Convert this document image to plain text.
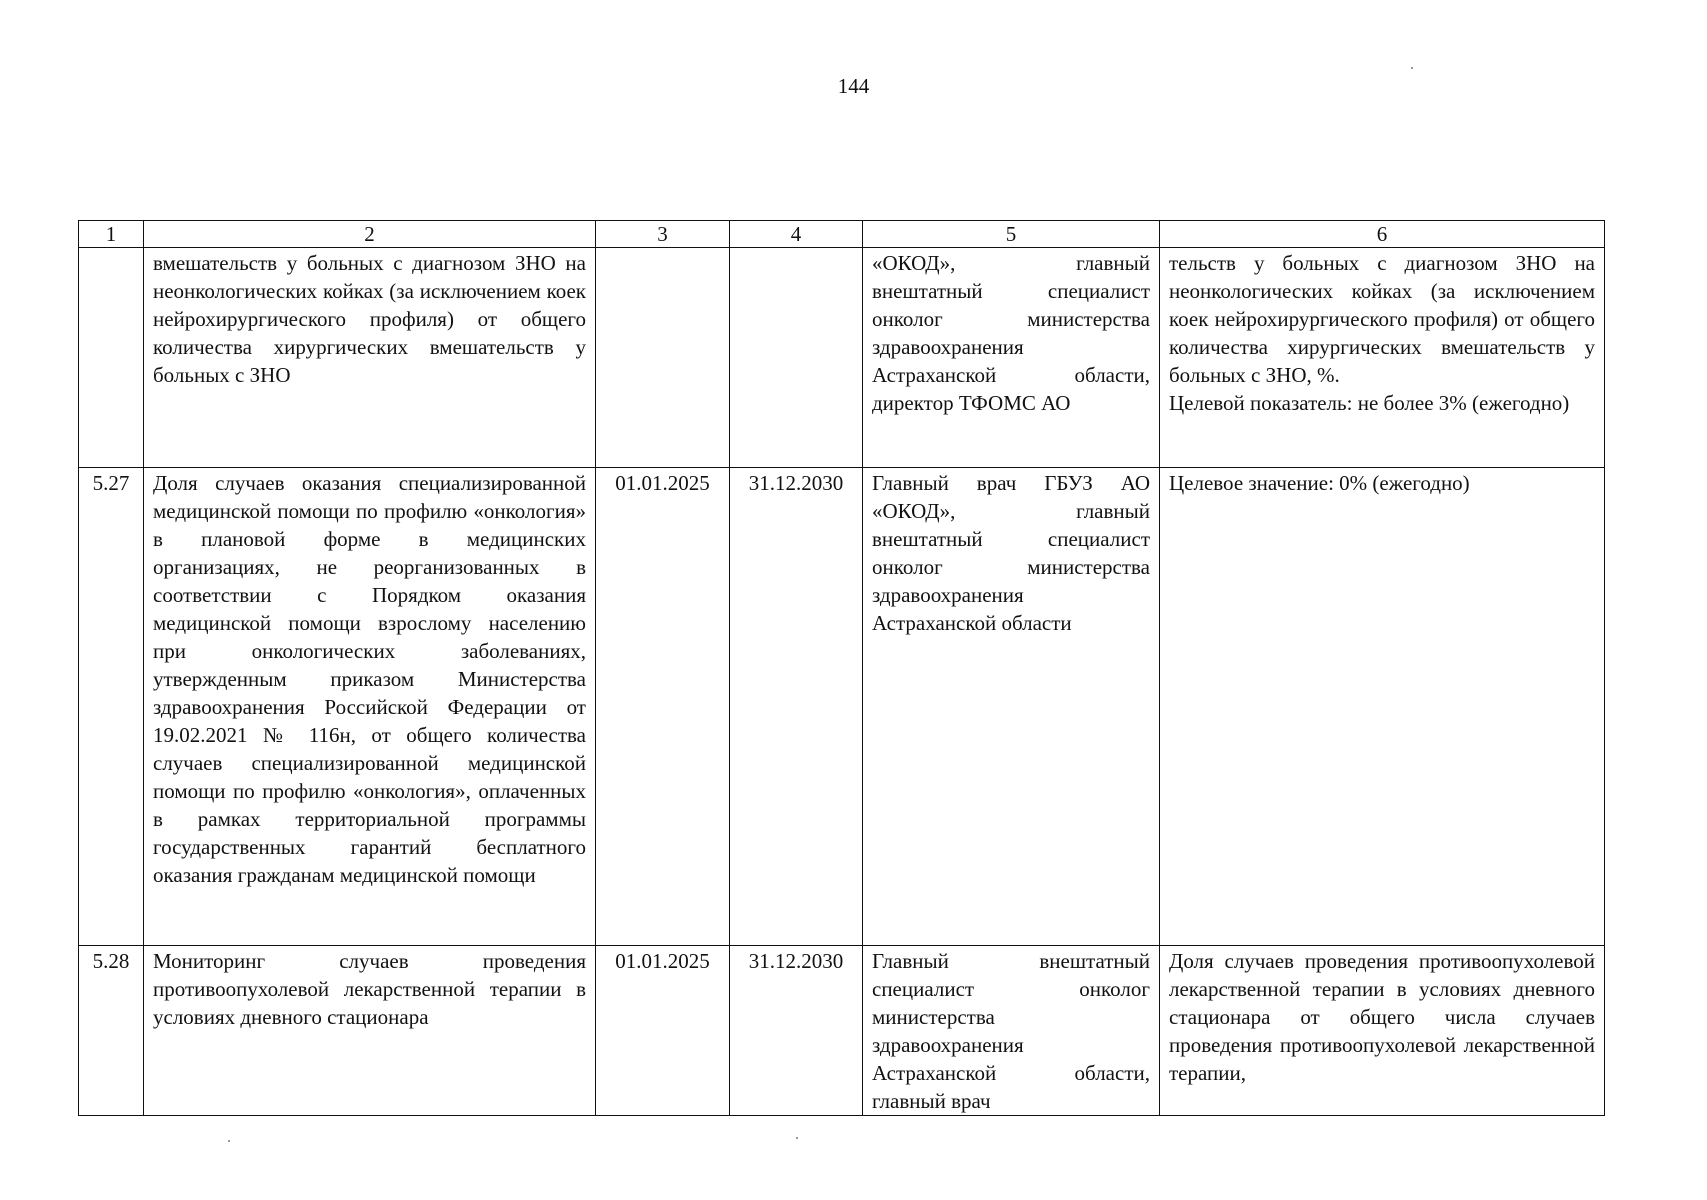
144
1	2	3	4	5	6
	вмешательств у больных с диагнозом ЗНО на неонкологических койках (за исключением коек нейрохирургического профиля) от общего количества хирургических вмешательств у больных с ЗНО			«ОКОД», главный внештатный специалист онколог министерства здравоохранения Астраханской области, директор ТФОМС АО	тельств у больных с диагнозом ЗНО на неонкологических койках (за исключением коек нейрохирургического профиля) от общего количества хирургических вмешательств у больных с ЗНО, %.
Целевой показатель: не более 3% (ежегодно)

5.27	Доля случаев оказания специализированной медицинской помощи по профилю «онкология» в плановой форме в медицинских организациях, не реорганизованных в соответствии с Порядком оказания медицинской помощи взрослому населению при онкологических заболеваниях, утвержденным приказом Министерства здравоохранения Российской Федерации от 19.02.2021 № 116н, от общего количества случаев специализированной медицинской помощи по профилю «онкология», оплаченных в рамках территориальной программы государственных гарантий бесплатного оказания гражданам медицинской помощи	01.01.2025	31.12.2030	Главный врач ГБУЗ АО «ОКОД», главный внештатный специалист онколог министерства здравоохранения Астраханской области	Целевое значение: 0% (ежегодно)

5.28	Мониторинг случаев проведения противоопухолевой лекарственной терапии в условиях дневного стационара	01.01.2025	31.12.2030	Главный внештатный специалист онколог министерства здравоохранения Астраханской области, главный врач	Доля случаев проведения противоопухолевой лекарственной терапии в условиях дневного стационара от общего числа случаев проведения противоопухолевой лекарственной терапии,
